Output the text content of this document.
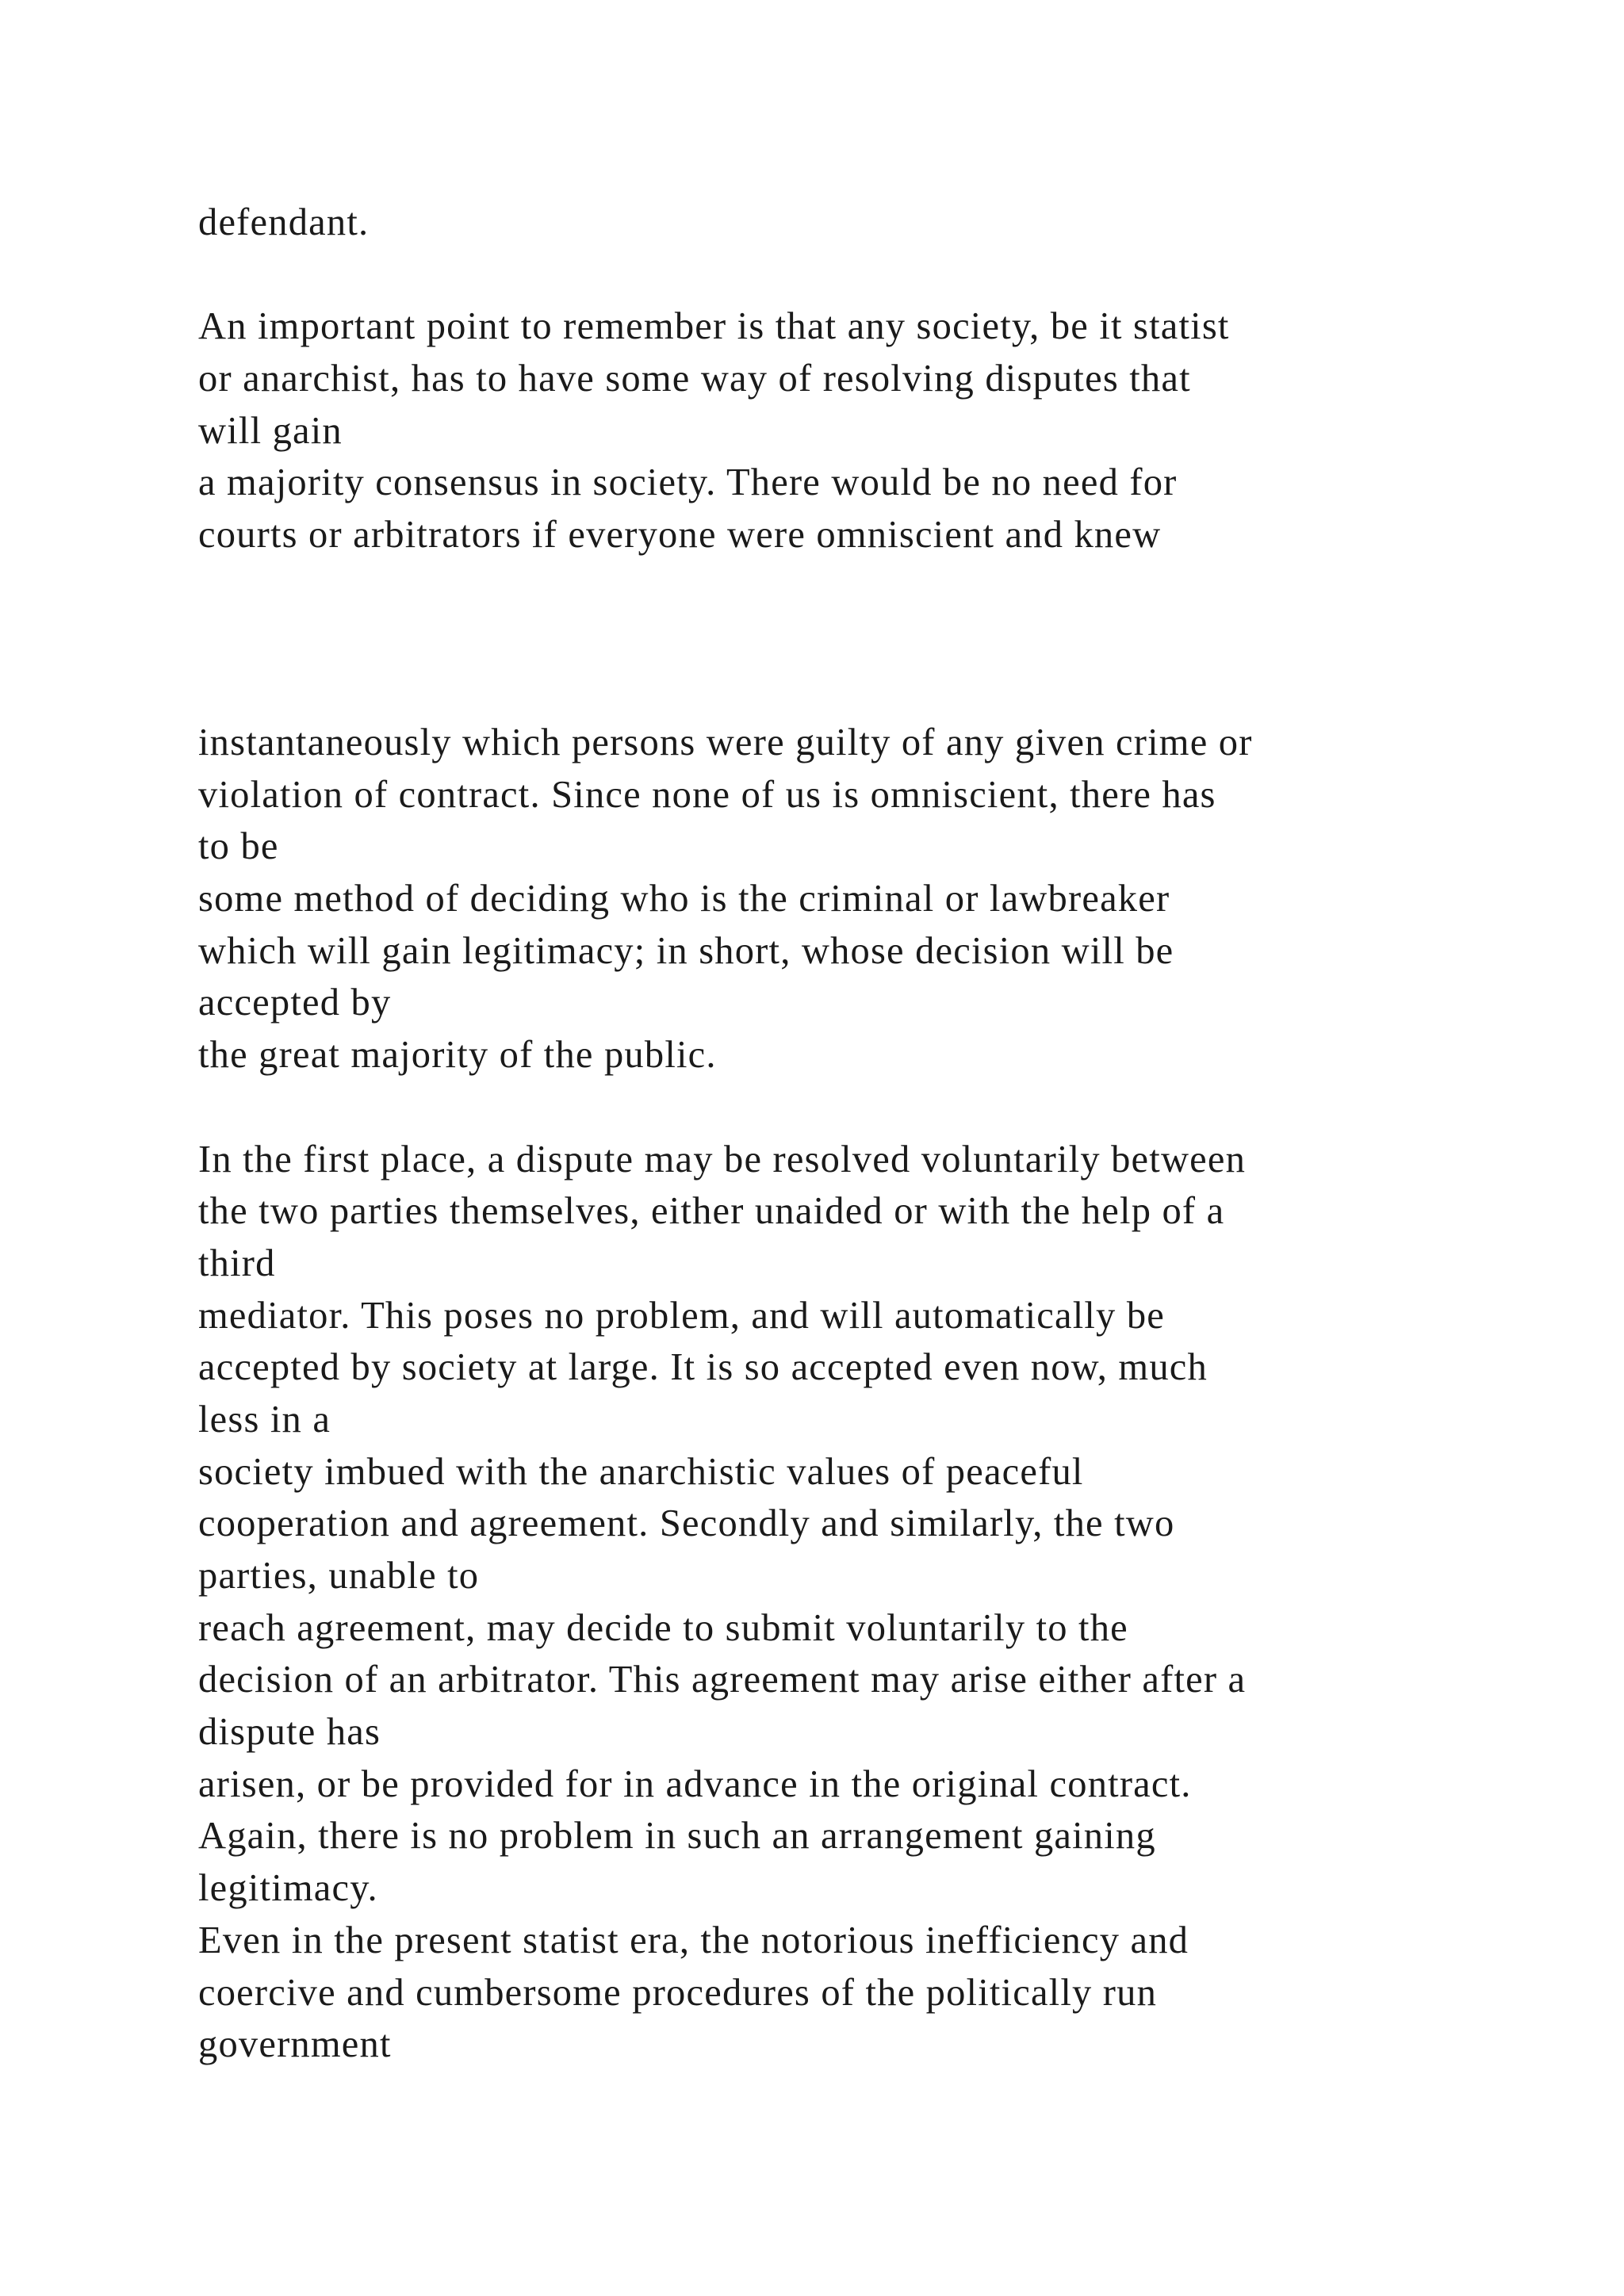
defendant.
An important point to remember is that any society, be it statist
or anarchist, has to have some way of resolving disputes that
will gain
a majority consensus in society. There would be no need for
courts or arbitrators if everyone were omniscient and knew
instantaneously which persons were guilty of any given crime or
violation of contract. Since none of us is omniscient, there has
to be
some method of deciding who is the criminal or lawbreaker
which will gain legitimacy; in short, whose decision will be
accepted by
the great majority of the public.
In the first place, a dispute may be resolved voluntarily between
the two parties themselves, either unaided or with the help of a
third
mediator. This poses no problem, and will automatically be
accepted by society at large. It is so accepted even now, much
less in a
society imbued with the anarchistic values of peaceful
cooperation and agreement. Secondly and similarly, the two
parties, unable to
reach agreement, may decide to submit voluntarily to the
decision of an arbitrator. This agreement may arise either after a
dispute has
arisen, or be provided for in advance in the original contract.
Again, there is no problem in such an arrangement gaining
legitimacy.
Even in the present statist era, the notorious inefficiency and
coercive and cumbersome procedures of the politically run
government
